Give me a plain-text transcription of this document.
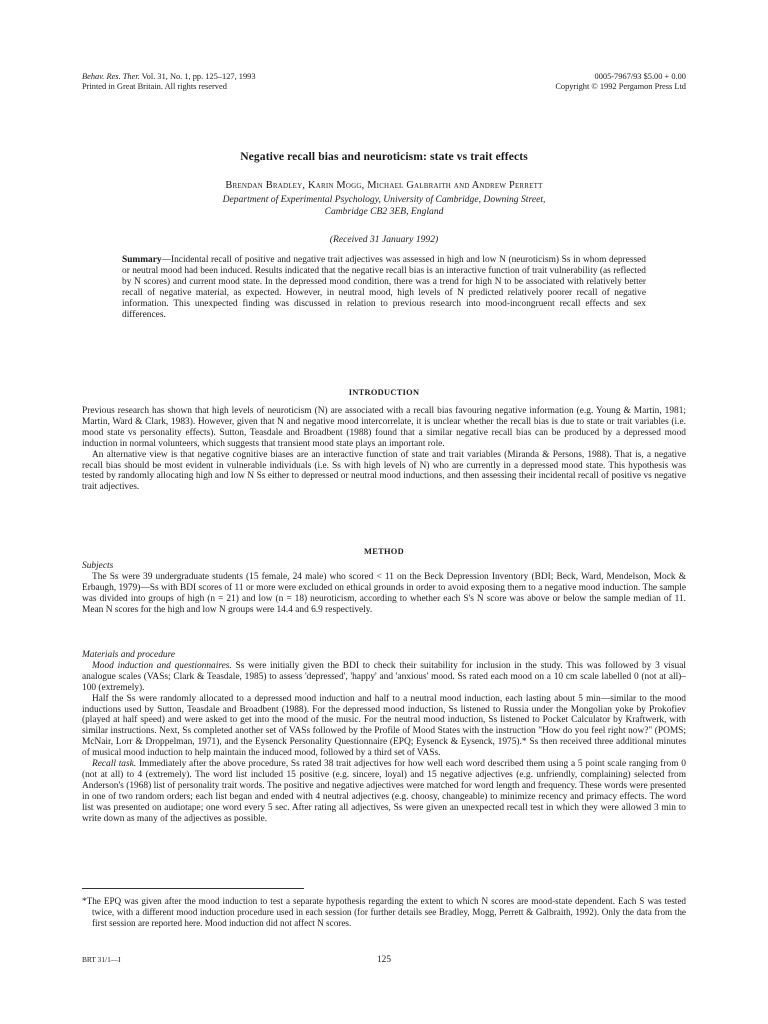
Behav. Res. Ther. Vol. 31, No. 1, pp. 125–127, 1993
Printed in Great Britain. All rights reserved
0005-7967/93 $5.00 + 0.00
Copyright © 1992 Pergamon Press Ltd
Negative recall bias and neuroticism: state vs trait effects
Brendan Bradley, Karin Mogg, Michael Galbraith and Andrew Perrett
Department of Experimental Psychology, University of Cambridge, Downing Street,
Cambridge CB2 3EB, England
(Received 31 January 1992)
Summary—Incidental recall of positive and negative trait adjectives was assessed in high and low N (neuroticism) Ss in whom depressed or neutral mood had been induced. Results indicated that the negative recall bias is an interactive function of trait vulnerability (as reflected by N scores) and current mood state. In the depressed mood condition, there was a trend for high N to be associated with relatively better recall of negative material, as expected. However, in neutral mood, high levels of N predicted relatively poorer recall of negative information. This unexpected finding was discussed in relation to previous research into mood-incongruent recall effects and sex differences.
INTRODUCTION

Previous research has shown that high levels of neuroticism (N) are associated with a recall bias favouring negative information (e.g. Young & Martin, 1981; Martin, Ward & Clark, 1983). However, given that N and negative mood intercorrelate, it is unclear whether the recall bias is due to state or trait variables (i.e. mood state vs personality effects). Sutton, Teasdale and Broadbent (1988) found that a similar negative recall bias can be produced by a depressed mood induction in normal volunteers, which suggests that transient mood state plays an important role.

An alternative view is that negative cognitive biases are an interactive function of state and trait variables (Miranda & Persons, 1988). That is, a negative recall bias should be most evident in vulnerable individuals (i.e. Ss with high levels of N) who are currently in a depressed mood state. This hypothesis was tested by randomly allocating high and low N Ss either to depressed or neutral mood inductions, and then assessing their incidental recall of positive vs negative trait adjectives.

METHOD
Subjects

The Ss were 39 undergraduate students (15 female, 24 male) who scored < 11 on the Beck Depression Inventory (BDI; Beck, Ward, Mendelson, Mock & Erbaugh, 1979)—Ss with BDI scores of 11 or more were excluded on ethical grounds in order to avoid exposing them to a negative mood induction. The sample was divided into groups of high (n = 21) and low (n = 18) neuroticism, according to whether each S's N score was above or below the sample median of 11. Mean N scores for the high and low N groups were 14.4 and 6.9 respectively.

Materials and procedure

Mood induction and questionnaires. Ss were initially given the BDI to check their suitability for inclusion in the study. This was followed by 3 visual analogue scales (VASs; Clark & Teasdale, 1985) to assess 'depressed', 'happy' and 'anxious' mood. Ss rated each mood on a 10 cm scale labelled 0 (not at all)–100 (extremely).

Half the Ss were randomly allocated to a depressed mood induction and half to a neutral mood induction, each lasting about 5 min—similar to the mood inductions used by Sutton, Teasdale and Broadbent (1988). For the depressed mood induction, Ss listened to Russia under the Mongolian yoke by Prokofiev (played at half speed) and were asked to get into the mood of the music. For the neutral mood induction, Ss listened to Pocket Calculator by Kraftwerk, with similar instructions. Next, Ss completed another set of VASs followed by the Profile of Mood States with the instruction "How do you feel right now?" (POMS; McNair, Lorr & Droppelman, 1971), and the Eysenck Personality Questionnaire (EPQ; Eysenck & Eysenck, 1975).* Ss then received three additional minutes of musical mood induction to help maintain the induced mood, followed by a third set of VASs.

Recall task. Immediately after the above procedure, Ss rated 38 trait adjectives for how well each word described them using a 5 point scale ranging from 0 (not at all) to 4 (extremely). The word list included 15 positive (e.g. sincere, loyal) and 15 negative adjectives (e.g. unfriendly, complaining) selected from Anderson's (1968) list of personality trait words. The positive and negative adjectives were matched for word length and frequency. These words were presented in one of two random orders; each list began and ended with 4 neutral adjectives (e.g. choosy, changeable) to minimize recency and primacy effects. The word list was presented on audiotape; one word every 5 sec. After rating all adjectives, Ss were given an unexpected recall test in which they were allowed 3 min to write down as many of the adjectives as possible.

*The EPQ was given after the mood induction to test a separate hypothesis regarding the extent to which N scores are mood-state dependent. Each S was tested twice, with a different mood induction procedure used in each session (for further details see Bradley, Mogg, Perrett & Galbraith, 1992). Only the data from the first session are reported here. Mood induction did not affect N scores.

BRT 31/1—I	125
